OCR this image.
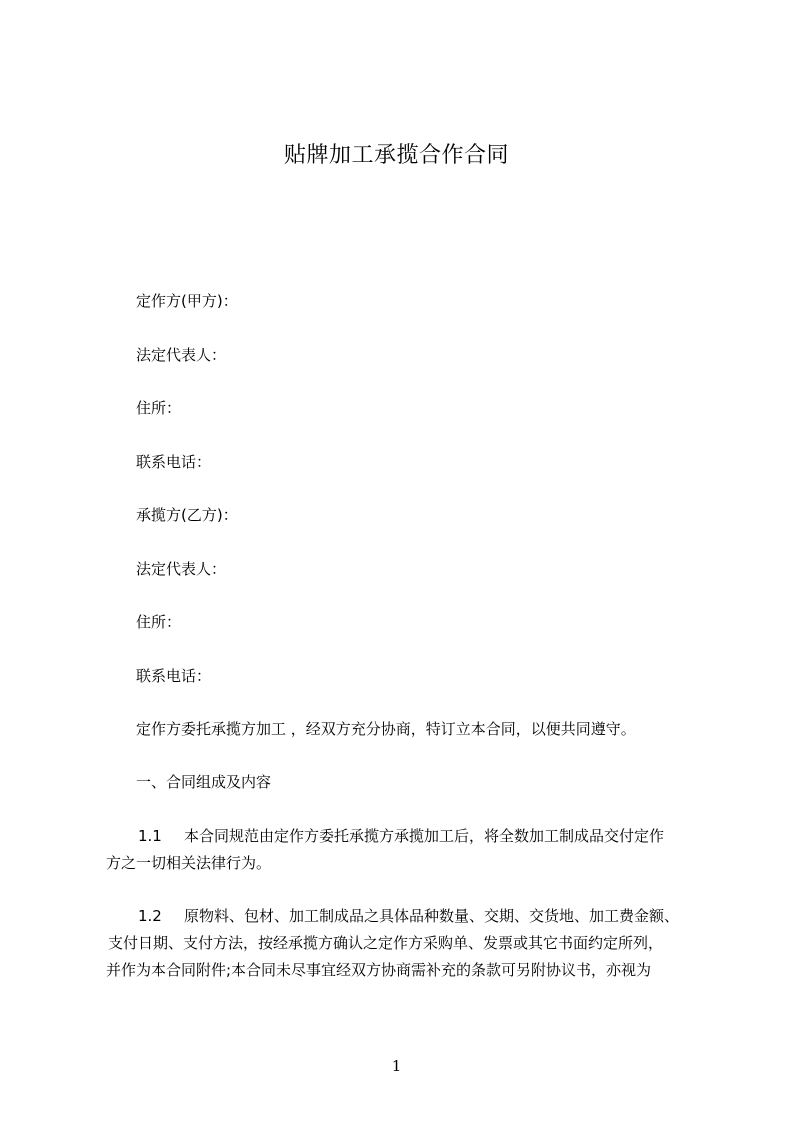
贴牌加工承揽合作合同
定作方(甲方)：
法定代表人：
住所：
联系电话：
承揽方(乙方)：
法定代表人：
住所：
联系电话：
定作方委托承揽方加工 ，经双方充分协商，特订立本合同，以便共同遵守。
一、合同组成及内容
1.1 本合同规范由定作方委托承揽方承揽加工后，将全数加工制成品交付定作
方之一切相关法律行为。
1.2 原物料、包材、加工制成品之具体品种数量、交期、交货地、加工费金额、
支付日期、支付方法，按经承揽方确认之定作方采购单、发票或其它书面约定所列，
并作为本合同附件;本合同未尽事宜经双方协商需补充的条款可另附协议书，亦视为
1
